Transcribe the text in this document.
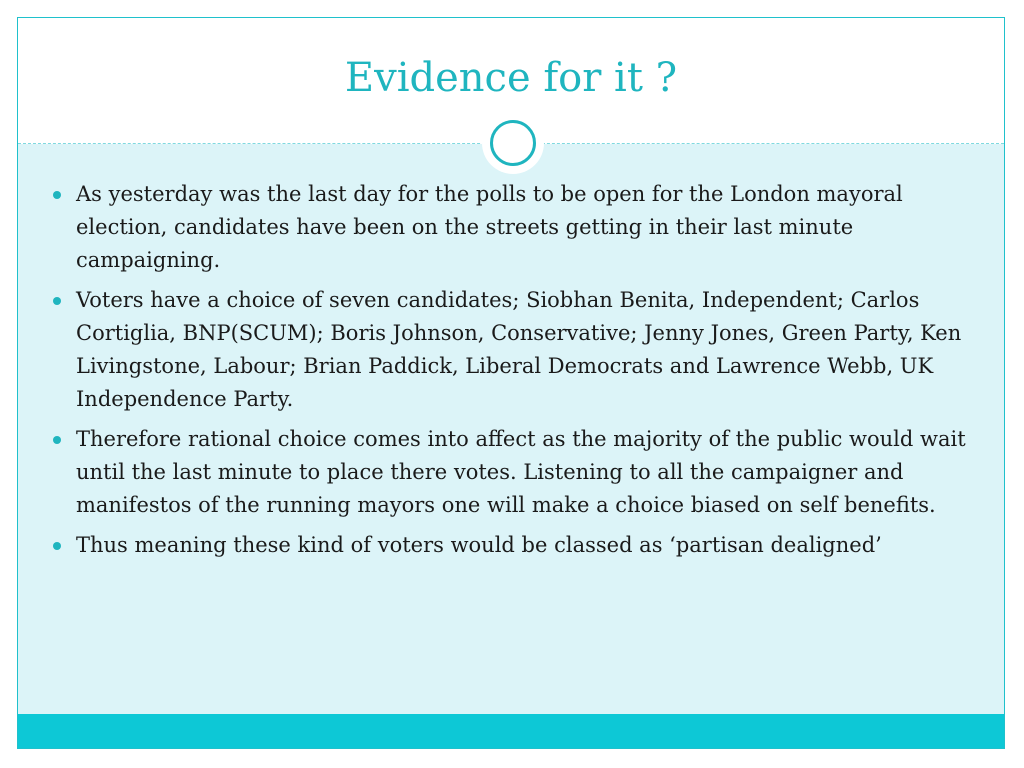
Evidence for it ?
As yesterday was the last day for the polls to be open for the London mayoral election, candidates have been on the streets getting in their last minute campaigning.
Voters have a choice of seven candidates; Siobhan Benita, Independent; Carlos Cortiglia, BNP(SCUM); Boris Johnson, Conservative; Jenny Jones, Green Party, Ken Livingstone, Labour; Brian Paddick, Liberal Democrats and Lawrence Webb, UK Independence Party.
Therefore rational choice comes into affect as the majority of the public would wait until the last minute to place there votes. Listening to all the campaigner and manifestos of the running mayors one will make a choice biased on self benefits.
Thus meaning these kind of voters would be classed as ‘partisan dealigned’
